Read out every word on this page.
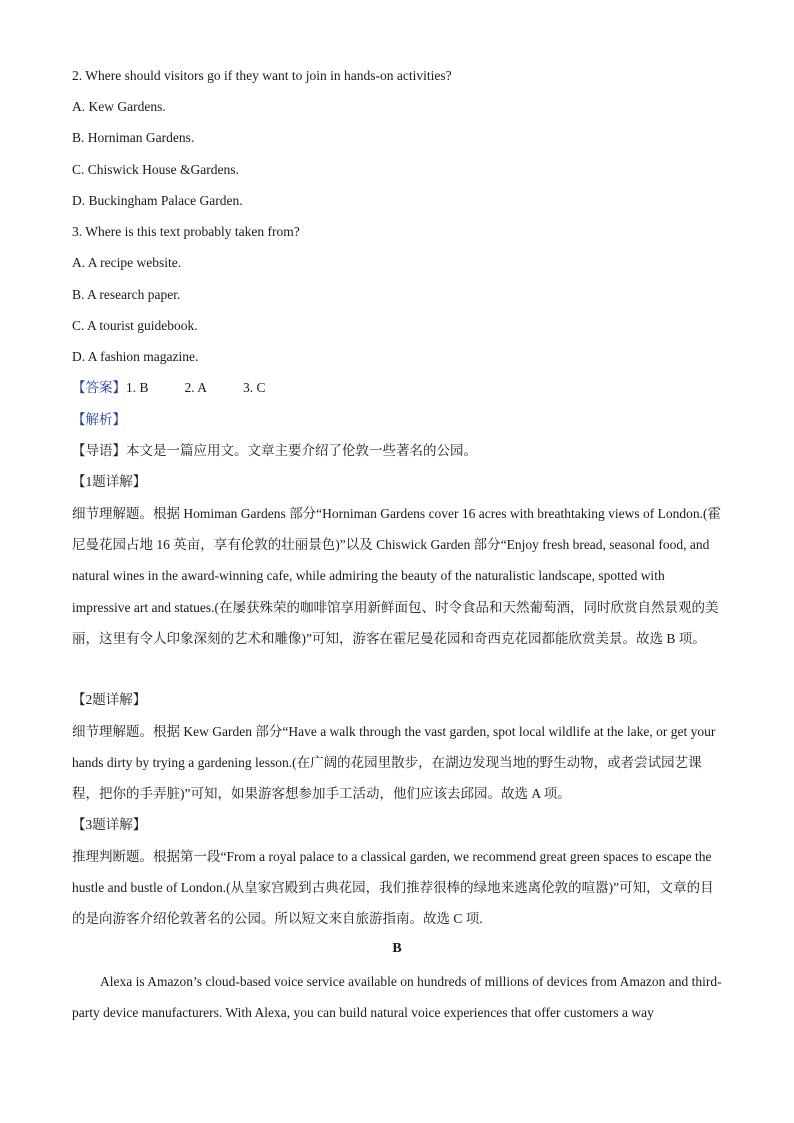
2. Where should visitors go if they want to join in hands-on activities?
A. Kew Gardens.
B. Horniman Gardens.
C. Chiswick House &Gardens.
D. Buckingham Palace Garden.
3. Where is this text probably taken from?
A. A recipe website.
B. A research paper.
C. A tourist guidebook.
D. A fashion magazine.
【答案】1. B	2. A	3. C
【解析】
【导语】本文是一篇应用文。文章主要介绍了伦敦一些著名的公园。
【1题详解】
细节理解题。根据 Homiman Gardens 部分“Horniman Gardens cover 16 acres with breathtaking views of London.(霍尼曼花园占地 16 英亩，享有伦敦的壮丽景色)”以及 Chiswick Garden 部分“Enjoy fresh bread, seasonal food, and natural wines in the award-winning cafe, while admiring the beauty of the naturalistic landscape, spotted with impressive art and statues.(在屡获殊荣的咖啡馆享用新鲜面包、时令食品和天然葡萄酒，同时欣赏自然景观的美丽，这里有令人印象深刻的艺术和雕像)”可知，游客在霍尼曼花园和奇西克花园都能欣赏美景。故选 B 项。
【2题详解】
细节理解题。根据 Kew Garden 部分“Have a walk through the vast garden, spot local wildlife at the lake, or get your hands dirty by trying a gardening lesson.(在广阔的花园里散步，在湖边发现当地的野生动物，或者尝试园艺课程，把你的手弄脏)”可知，如果游客想参加手工活动，他们应该去邱园。故选 A 项。
【3题详解】
推理判断题。根据第一段“From a royal palace to a classical garden, we recommend great green spaces to escape the hustle and bustle of London.(从皇家宫殿到古典花园，我们推荐很棒的绿地来逃离伦敦的喧嚣)”可知，文章的目的是向游客介绍伦敦著名的公园。所以短文来自旅游指南。故选 C 项.
B
Alexa is Amazon’s cloud-based voice service available on hundreds of millions of devices from Amazon and third-party device manufacturers. With Alexa, you can build natural voice experiences that offer customers a way
